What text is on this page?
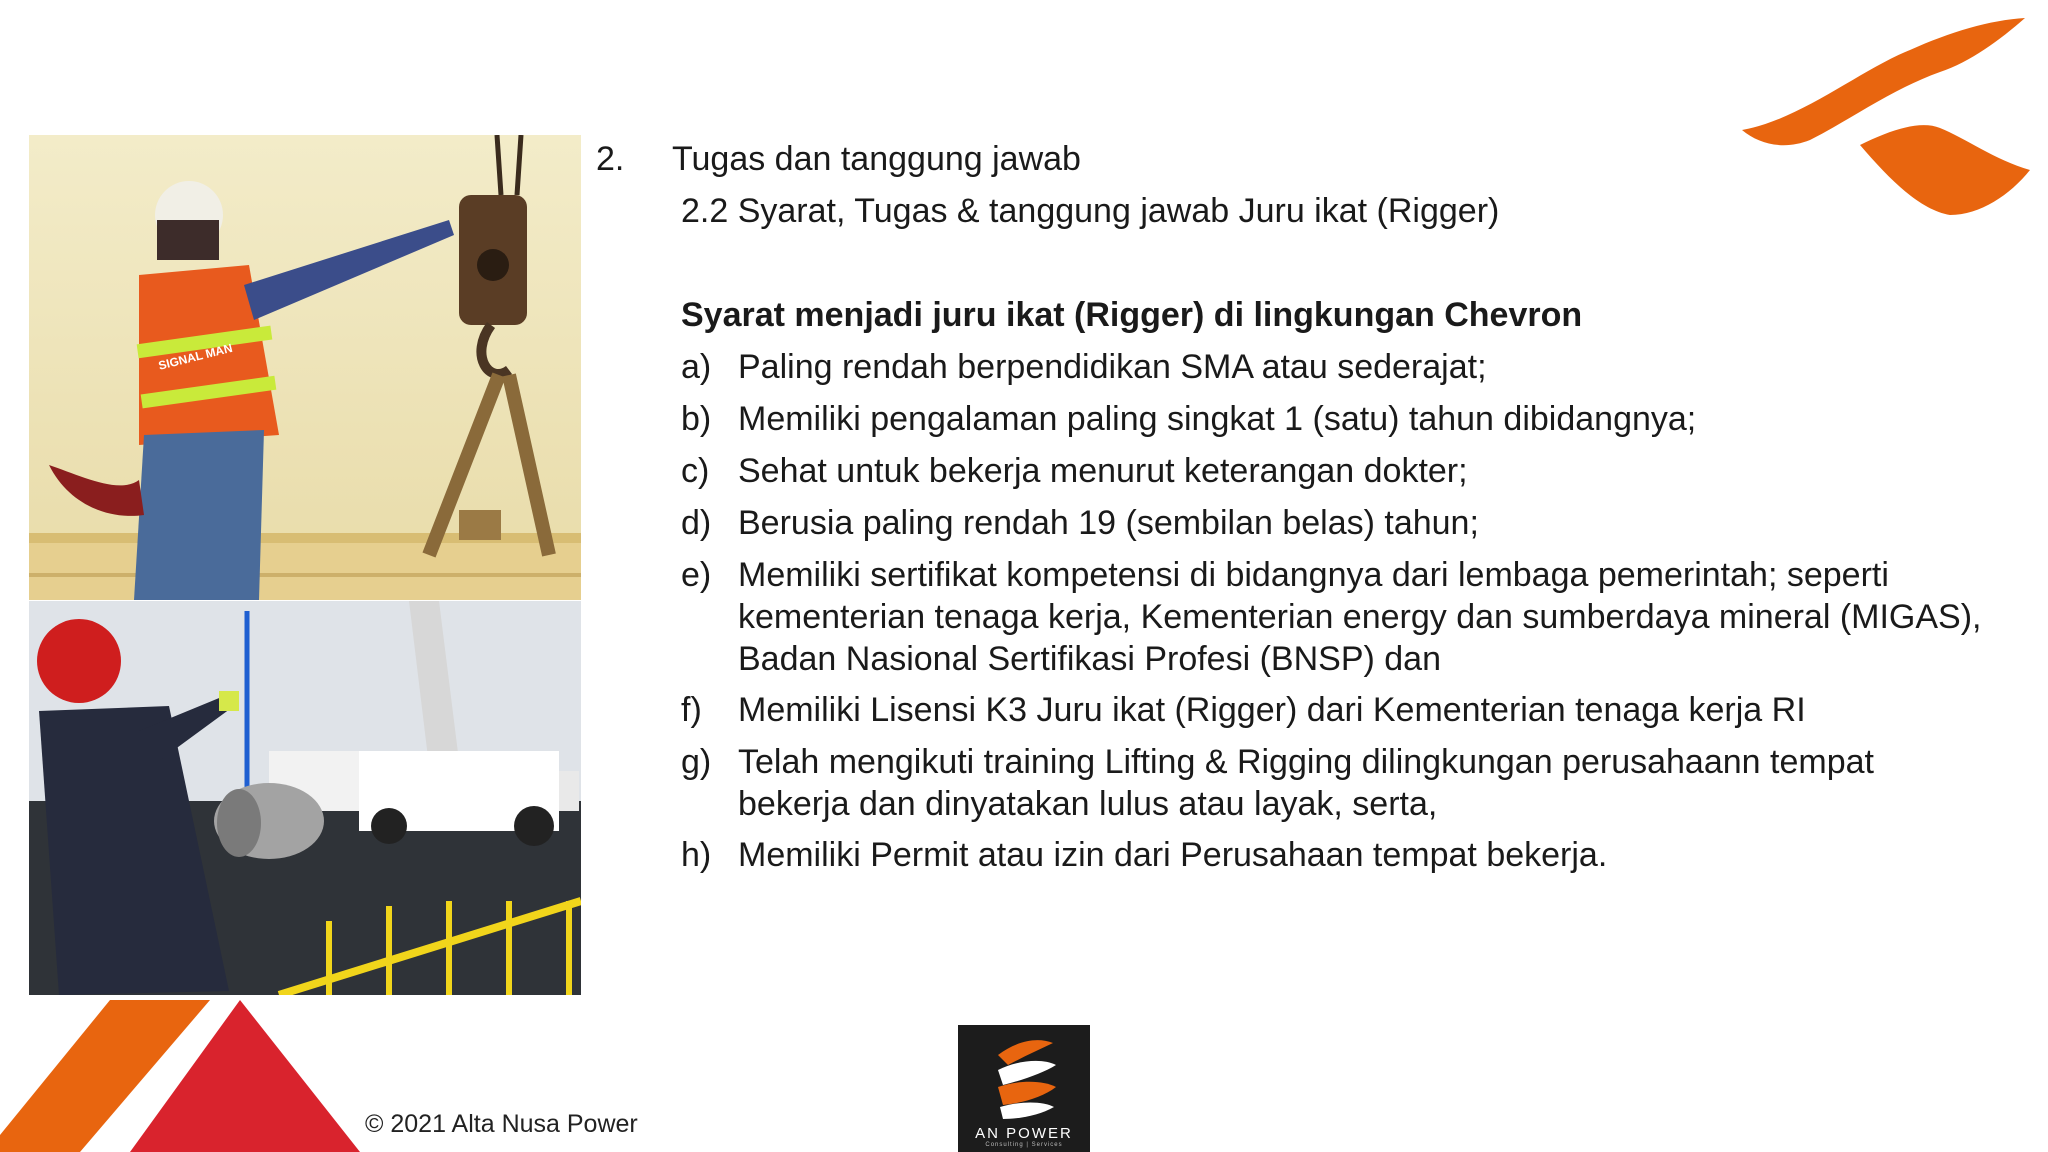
SIGNAL MAN
2. Tugas dan tanggung jawab
2.2 Syarat, Tugas & tanggung jawab Juru ikat (Rigger)
Syarat menjadi juru ikat (Rigger) di lingkungan Chevron
a) Paling rendah berpendidikan SMA atau sederajat;
b) Memiliki pengalaman paling singkat 1 (satu) tahun dibidangnya;
c) Sehat untuk bekerja menurut keterangan dokter;
d) Berusia paling rendah 19 (sembilan belas) tahun;
e) Memiliki sertifikat kompetensi di bidangnya dari lembaga pemerintah; seperti kementerian tenaga kerja, Kementerian energy dan sumberdaya mineral (MIGAS), Badan Nasional Sertifikasi Profesi (BNSP) dan
f) Memiliki Lisensi K3 Juru ikat (Rigger) dari Kementerian tenaga kerja RI
g) Telah mengikuti training Lifting & Rigging dilingkungan perusahaann tempat bekerja dan dinyatakan lulus atau layak, serta,
h) Memiliki Permit atau izin dari Perusahaan tempat bekerja.
© 2021 Alta Nusa Power	AN POWER
Consulting | Services
